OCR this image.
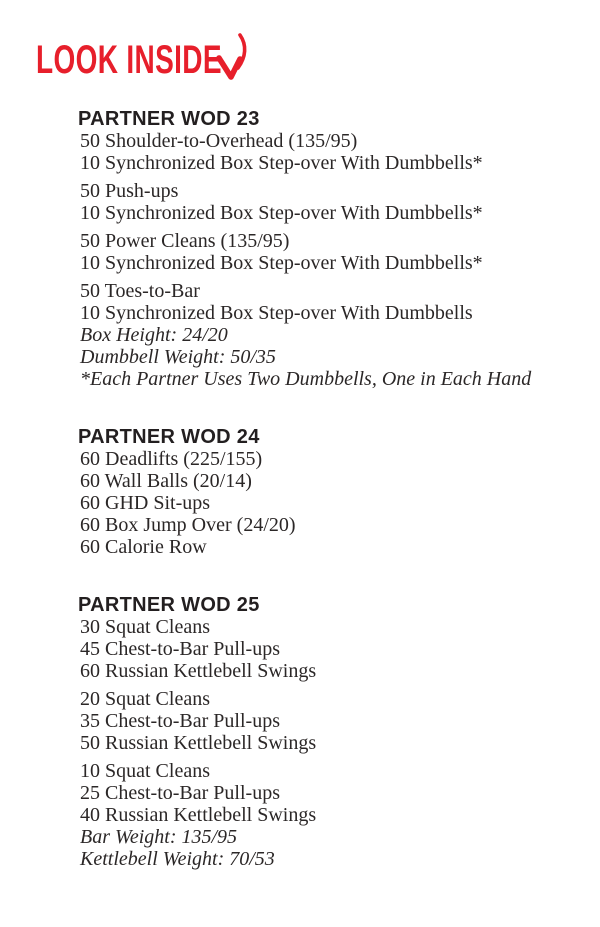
LOOK INSIDE
PARTNER WOD 23
50 Shoulder-to-Overhead (135/95)
10 Synchronized Box Step-over With Dumbbells*
50 Push-ups
10 Synchronized Box Step-over With Dumbbells*
50 Power Cleans (135/95)
10 Synchronized Box Step-over With Dumbbells*
50 Toes-to-Bar
10 Synchronized Box Step-over With Dumbbells
Box Height: 24/20
Dumbbell Weight: 50/35
*Each Partner Uses Two Dumbbells, One in Each Hand
PARTNER WOD 24
60 Deadlifts (225/155)
60 Wall Balls (20/14)
60 GHD Sit-ups
60 Box Jump Over (24/20)
60 Calorie Row
PARTNER WOD 25
30 Squat Cleans
45 Chest-to-Bar Pull-ups
60 Russian Kettlebell Swings
20 Squat Cleans
35 Chest-to-Bar Pull-ups
50 Russian Kettlebell Swings
10 Squat Cleans
25 Chest-to-Bar Pull-ups
40 Russian Kettlebell Swings
Bar Weight: 135/95
Kettlebell Weight: 70/53
